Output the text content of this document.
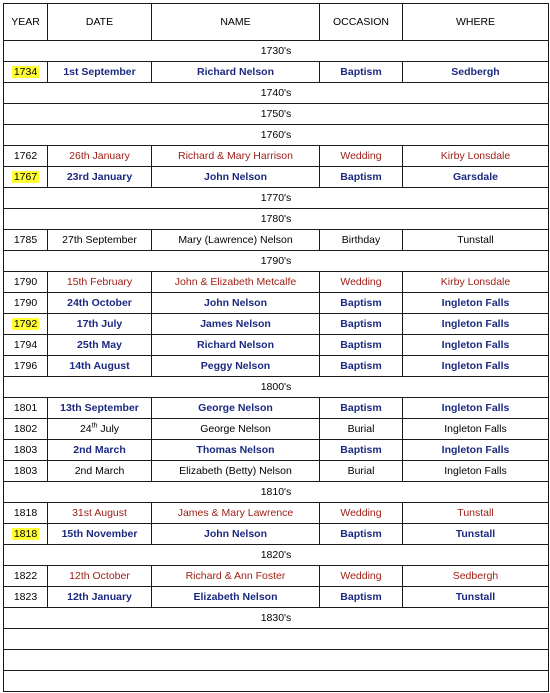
YEAR	DATE	NAME	OCCASION	WHERE
1730's				
1734	1st September	Richard Nelson	Baptism	Sedbergh
1740's				
1750's				
1760's				
1762	26th January	Richard & Mary Harrison	Wedding	Kirby Lonsdale
1767	23rd January	John Nelson	Baptism	Garsdale
1770's				
1780's				
1785	27th September	Mary (Lawrence) Nelson	Birthday	Tunstall
1790's				
1790	15th February	John & Elizabeth Metcalfe	Wedding	Kirby Lonsdale
1790	24th October	John Nelson	Baptism	Ingleton Falls
1792	17th July	James Nelson	Baptism	Ingleton Falls
1794	25th May	Richard Nelson	Baptism	Ingleton Falls
1796	14th August	Peggy Nelson	Baptism	Ingleton Falls
1800's				
1801	13th September	George Nelson	Baptism	Ingleton Falls
1802	24th July	George Nelson	Burial	Ingleton Falls
1803	2nd March	Thomas Nelson	Baptism	Ingleton Falls
1803	2nd March	Elizabeth (Betty) Nelson	Burial	Ingleton Falls
1810's				
1818	31st August	James & Mary Lawrence	Wedding	Tunstall
1818	15th November	John Nelson	Baptism	Tunstall
1820's				
1822	12th October	Richard & Ann Foster	Wedding	Sedbergh
1823	12th January	Elizabeth Nelson	Baptism	Tunstall
1830's				
